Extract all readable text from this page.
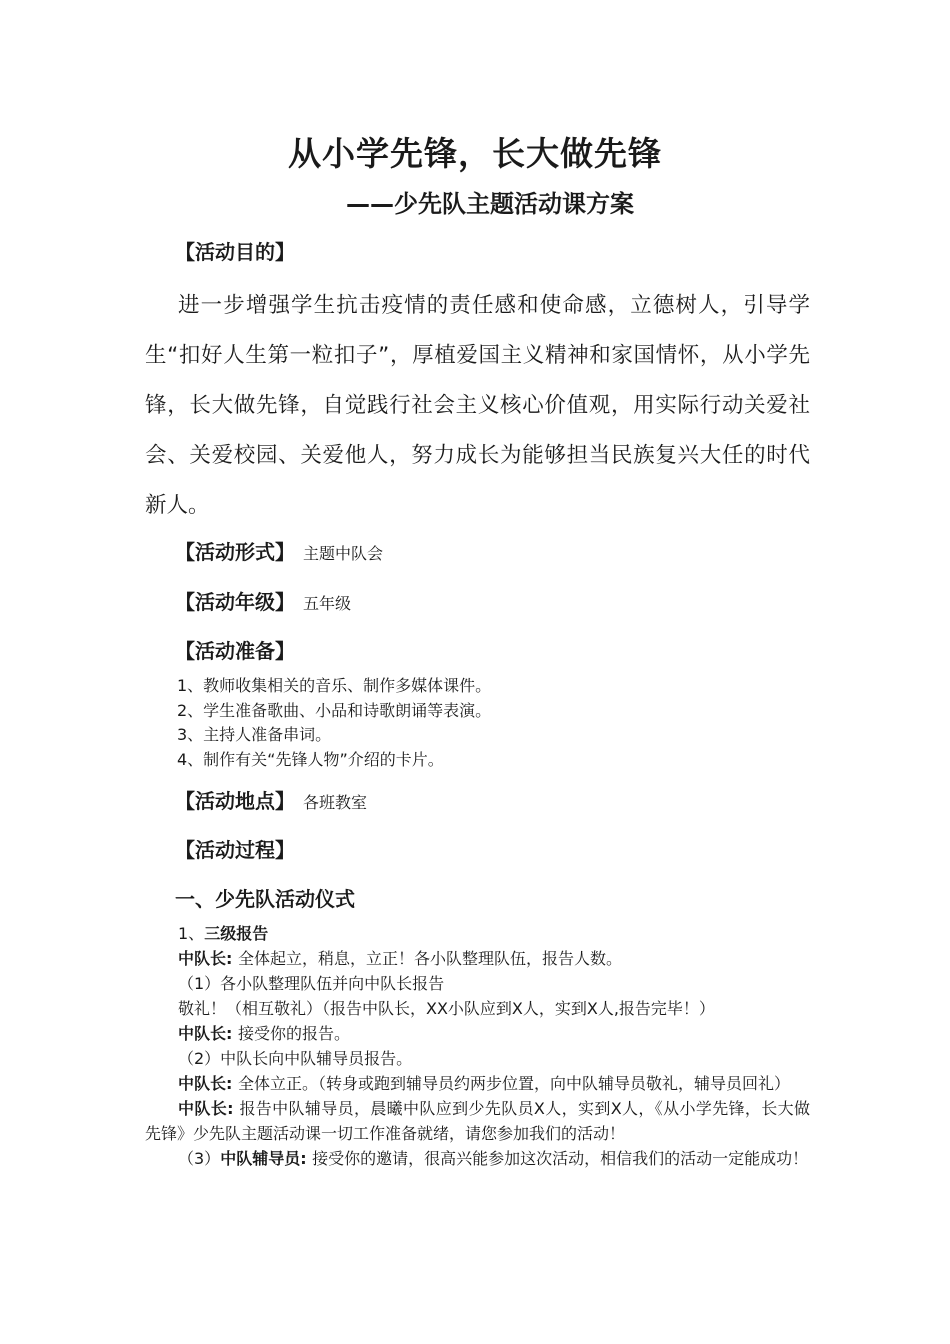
从小学先锋，长大做先锋
——少先队主题活动课方案
【活动目的】
进一步增强学生抗击疫情的责任感和使命感，立德树人，引导学生“扣好人生第一粒扣子”，厚植爱国主义精神和家国情怀，从小学先锋，长大做先锋，自觉践行社会主义核心价值观，用实际行动关爱社会、关爱校园、关爱他人，努力成长为能够担当民族复兴大任的时代新人。
【活动形式】 主题中队会
【活动年级】 五年级
【活动准备】
1、教师收集相关的音乐、制作多媒体课件。
2、学生准备歌曲、小品和诗歌朗诵等表演。
3、主持人准备串词。
4、制作有关“先锋人物”介绍的卡片。
【活动地点】 各班教室
【活动过程】
一、少先队活动仪式

1、三级报告

中队长: 全体起立，稍息，立正！各小队整理队伍，报告人数。

（1）各小队整理队伍并向中队长报告

敬礼！（相互敬礼）（报告中队长，XX小队应到X人，实到X人,报告完毕！）

中队长: 接受你的报告。

（2）中队长向中队辅导员报告。

中队长: 全体立正。（转身或跑到辅导员约两步位置，向中队辅导员敬礼，辅导员回礼）

中队长: 报告中队辅导员，晨曦中队应到少先队员X人，实到X人，《从小学先锋，长大做先锋》少先队主题活动课一切工作准备就绪，请您参加我们的活动！

（3）中队辅导员: 接受你的邀请，很高兴能参加这次活动，相信我们的活动一定能成功！
